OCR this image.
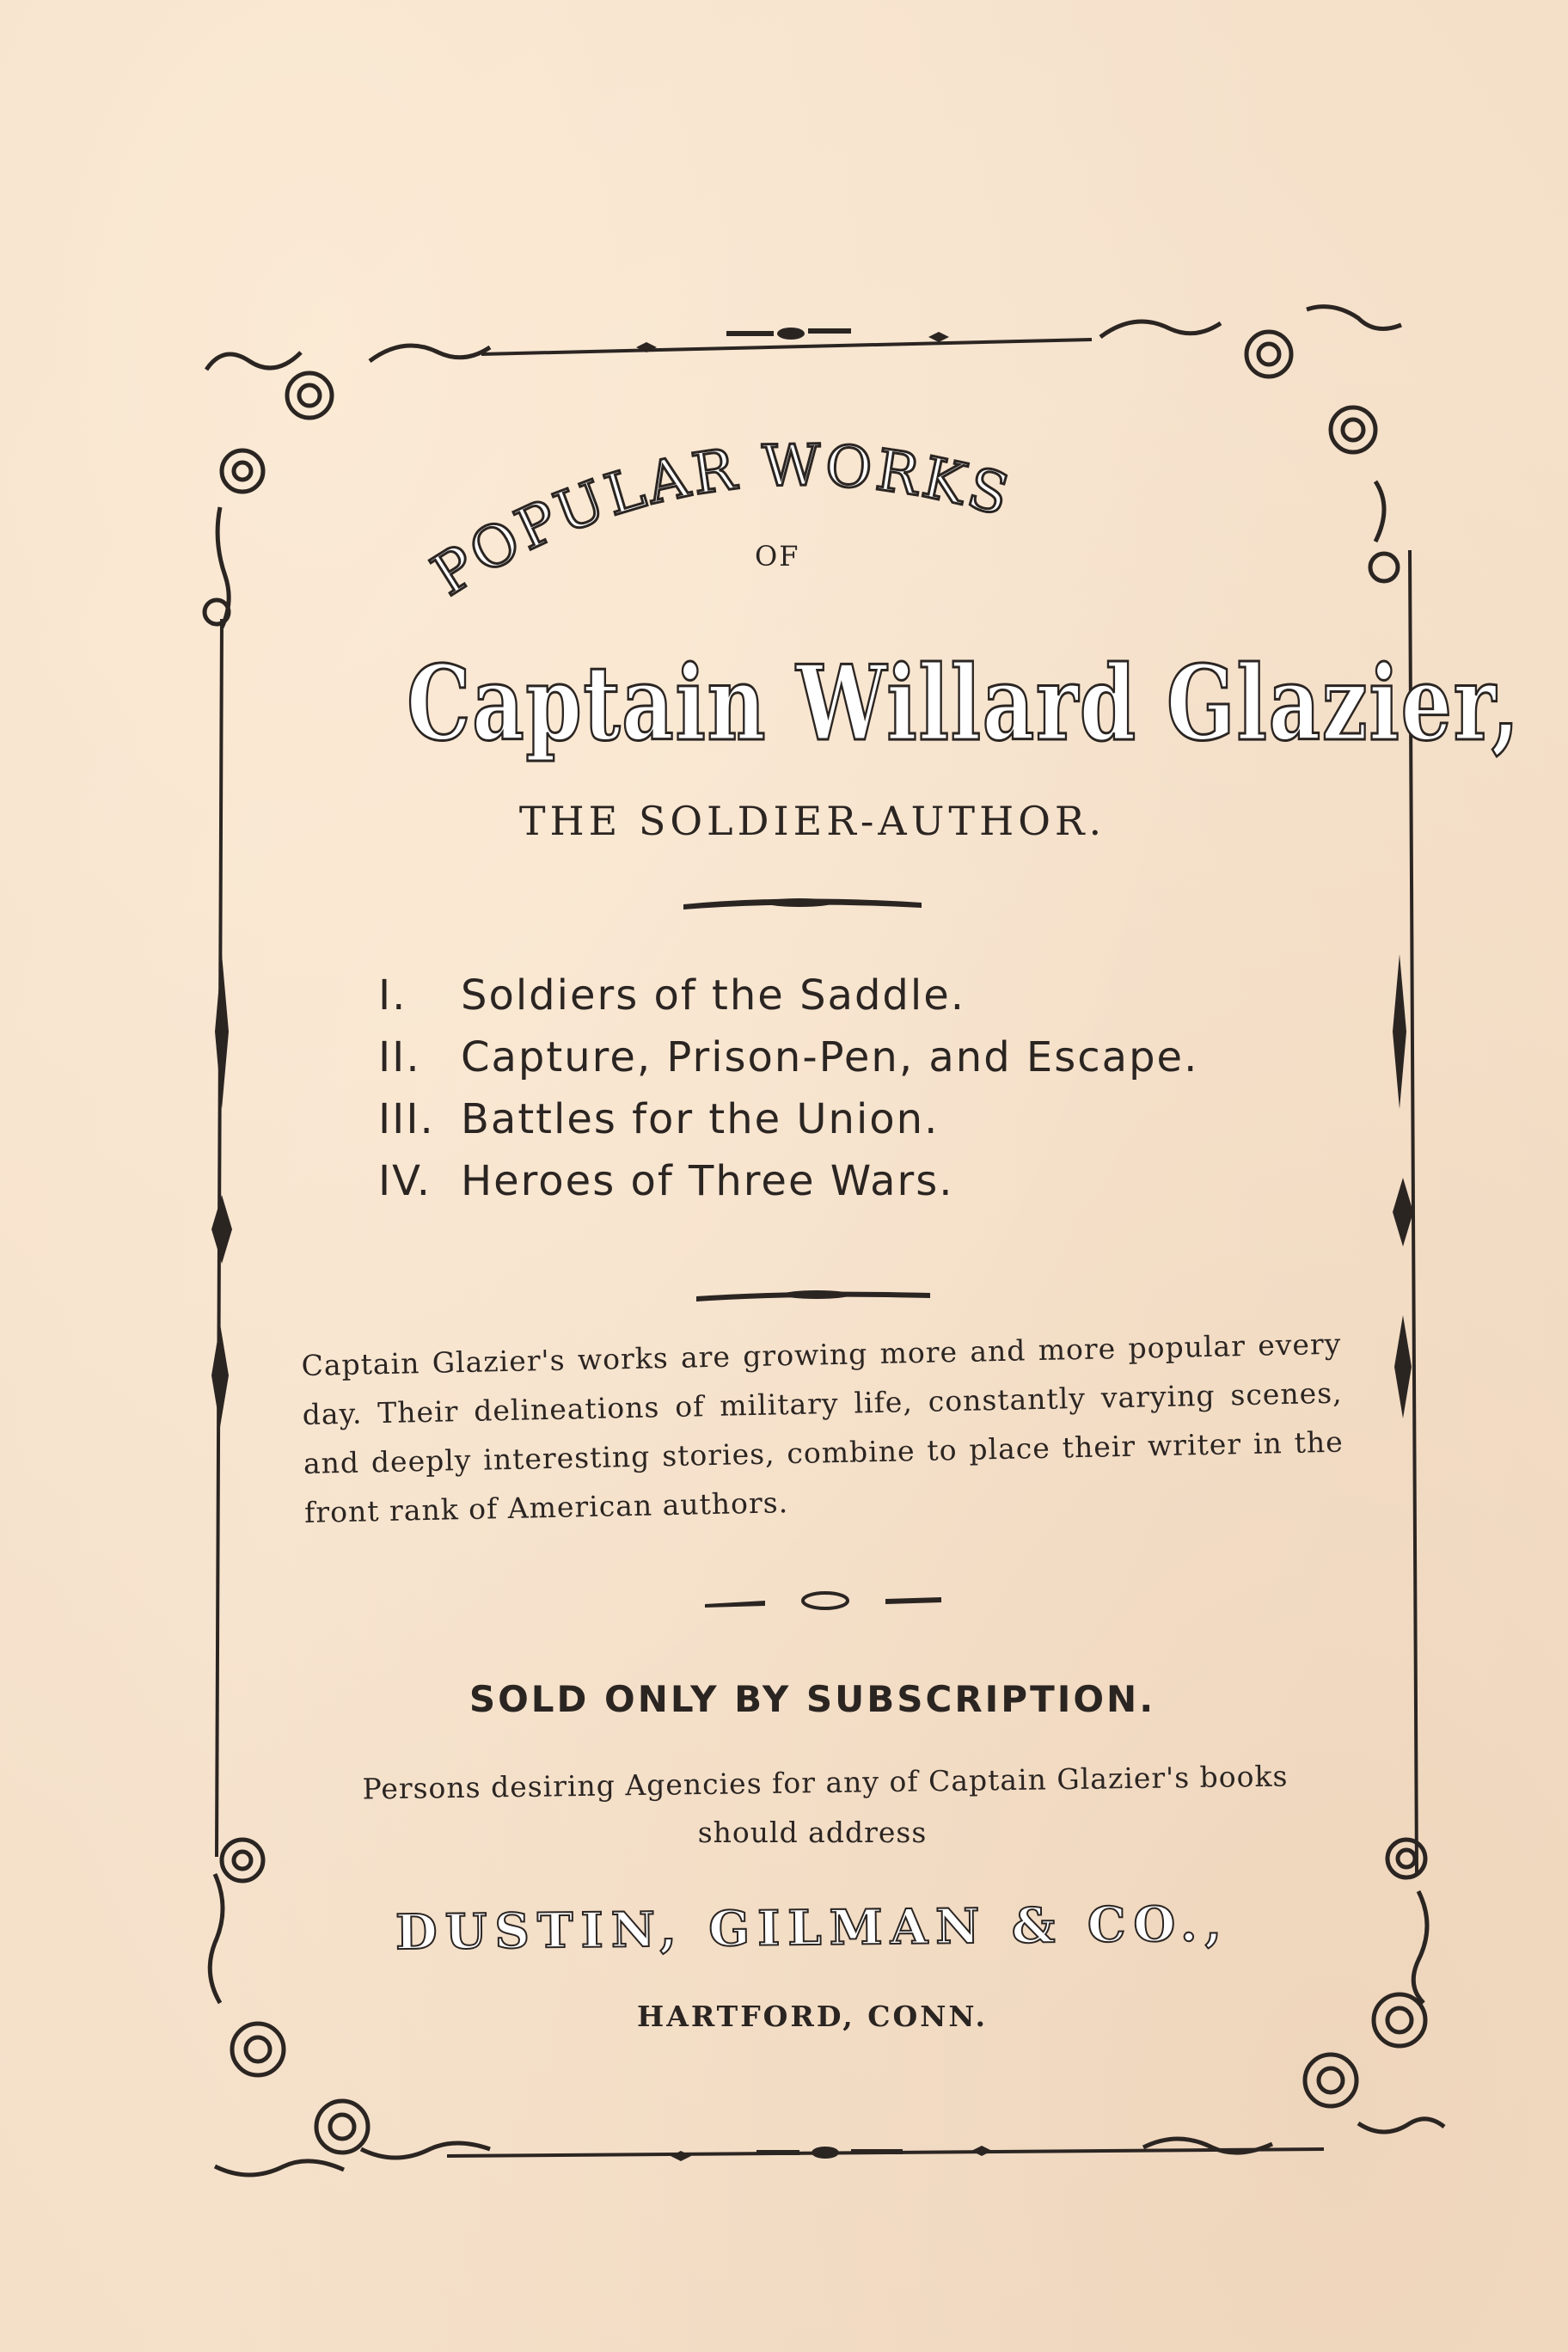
POPULAR WORKS
OF
Captain Willard Glazier,
THE SOLDIER-AUTHOR.
I.	Soldiers of the Saddle.
II. Capture, Prison-Pen, and Escape.
III. Battles for the Union.
IV. Heroes of Three Wars.
Captain Glazier's works are growing more and more popular every day. Their delineations of military life, constantly varying scenes, and deeply interesting stories, combine to place their writer in the front rank of American authors.
SOLD ONLY BY SUBSCRIPTION.
Persons desiring Agencies for any of Captain Glazier's books
should address
DUSTIN, GILMAN & CO.,
HARTFORD, CONN.
